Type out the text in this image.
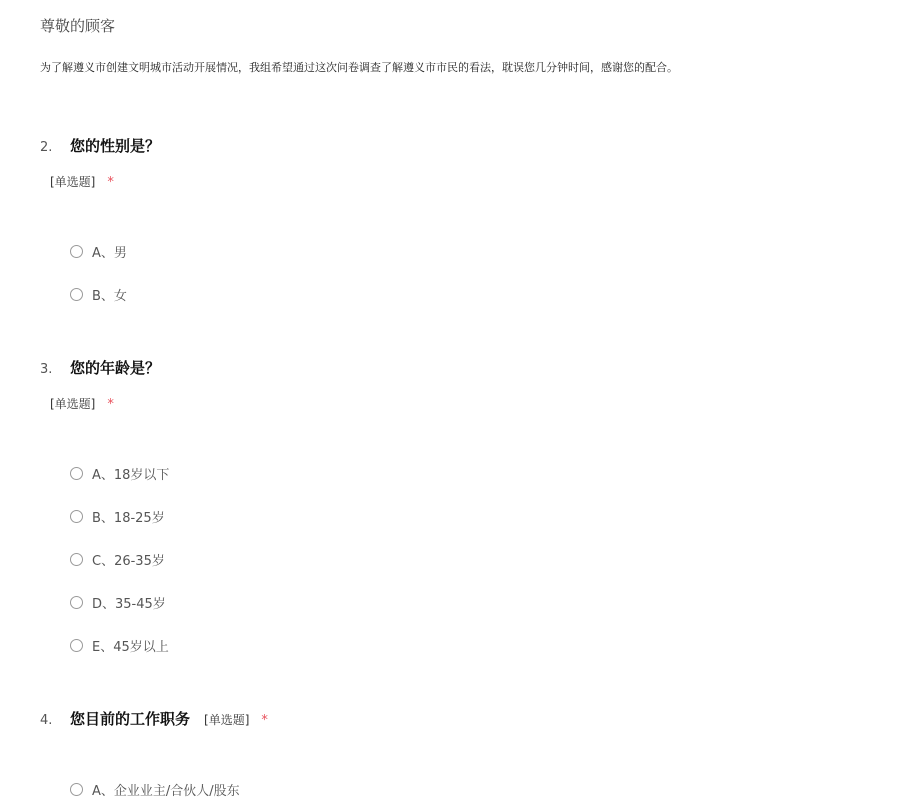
尊敬的顾客
为了解遵义市创建文明城市活动开展情况，我组希望通过这次问卷调查了解遵义市市民的看法，耽误您几分钟时间，感谢您的配合。
2.	您的性别是？
[单选题] *
A、男
B、女
3.	您的年龄是？
[单选题] *
A、18岁以下
B、18-25岁
C、26-35岁
D、35-45岁
E、45岁以上
4.	您目前的工作职务 [单选题] *
A、企业业主/合伙人/股东
